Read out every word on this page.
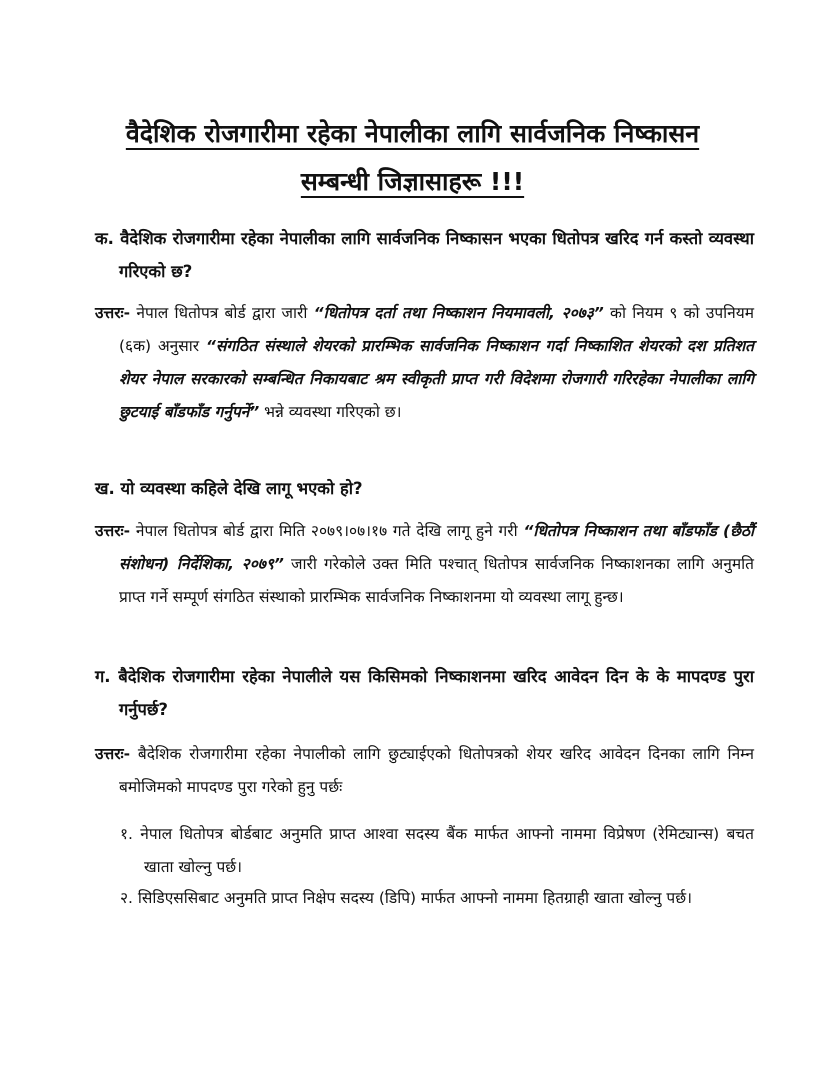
वैदेशिक रोजगारीमा रहेका नेपालीका लागि सार्वजनिक निष्कासन
सम्बन्धी जिज्ञासाहरू !!!
क. वैदेशिक रोजगारीमा रहेका नेपालीका लागि सार्वजनिक निष्कासन भएका धितोपत्र खरिद गर्न कस्तो व्यवस्था गरिएको छ?
उत्तरः- नेपाल धितोपत्र बोर्ड द्वारा जारी “धितोपत्र दर्ता तथा निष्काशन नियमावली, २०७३” को नियम ९ को उपनियम (६क) अनुसार “संगठित संस्थाले शेयरको प्रारम्भिक सार्वजनिक निष्काशन गर्दा निष्काशित शेयरको दश प्रतिशत शेयर नेपाल सरकारको सम्बन्धित निकायबाट श्रम स्वीकृती प्राप्त गरी विदेशमा रोजगारी गरिरहेका नेपालीका लागि छुटयाई बाँडफाँड गर्नुपर्ने” भन्ने व्यवस्था गरिएको छ।
ख. यो व्यवस्था कहिले देखि लागू भएको हो?
उत्तरः- नेपाल धितोपत्र बोर्ड द्वारा मिति २०७९।०७।१७ गते देखि लागू हुने गरी “धितोपत्र निष्काशन तथा बाँडफाँड (छैठौं संशोधन) निर्देशिका, २०७९” जारी गरेकोले उक्त मिति पश्चात् धितोपत्र सार्वजनिक निष्काशनका लागि अनुमति प्राप्त गर्ने सम्पूर्ण संगठित संस्थाको प्रारम्भिक सार्वजनिक निष्काशनमा यो व्यवस्था लागू हुन्छ।
ग. बैदेशिक रोजगारीमा रहेका नेपालीले यस किसिमको निष्काशनमा खरिद आवेदन दिन के के मापदण्ड पुरा गर्नुपर्छ?
उत्तरः- बैदेशिक रोजगारीमा रहेका नेपालीको लागि छुट्याईएको धितोपत्रको शेयर खरिद आवेदन दिनका लागि निम्न बमोजिमको मापदण्ड पुरा गरेको हुनु पर्छः
१. नेपाल धितोपत्र बोर्डबाट अनुमति प्राप्त आश्वा सदस्य बैंक मार्फत आफ्नो नाममा विप्रेषण (रेमिट्यान्स) बचत खाता खोल्नु पर्छ।
२. सिडिएससिबाट अनुमति प्राप्त निक्षेप सदस्य (डिपि) मार्फत आफ्नो नाममा हितग्राही खाता खोल्नु पर्छ।
